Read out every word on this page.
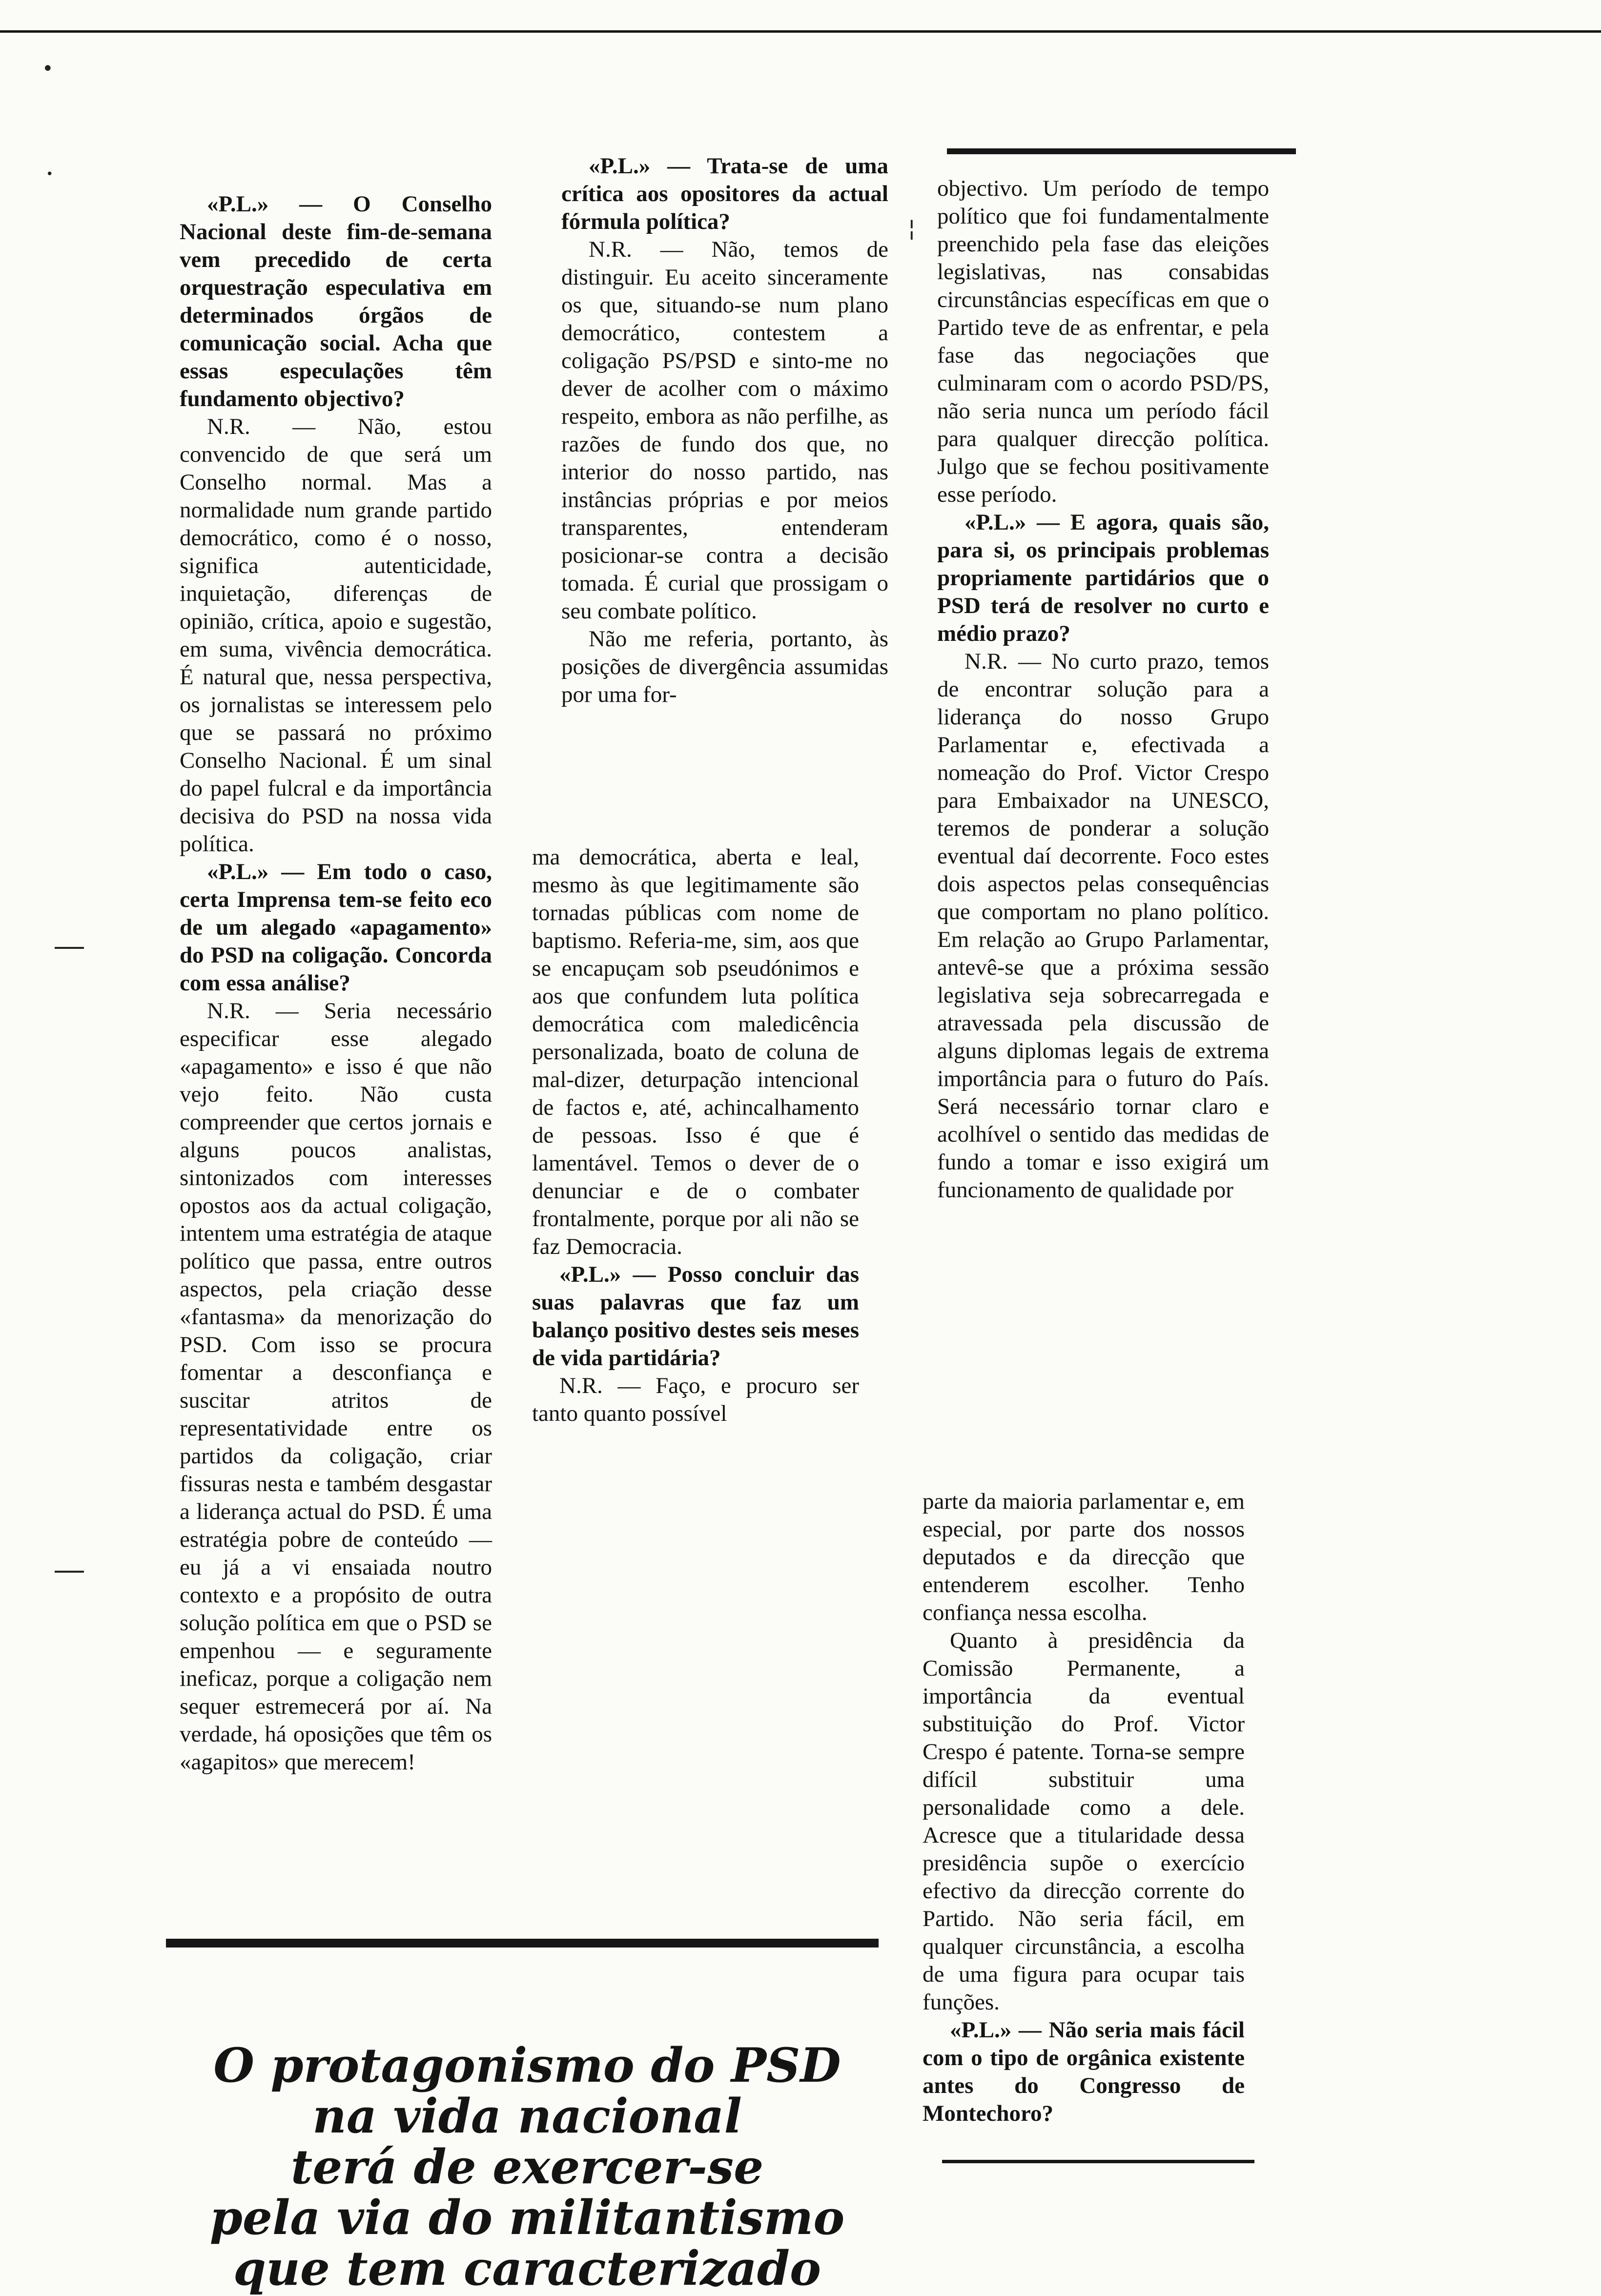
•
•
¦

«P.L.» — O Conselho Nacional deste fim-de-semana vem precedido de certa orquestração especulativa em determinados órgãos de comunicação social. Acha que essas especulações têm fundamento objectivo?

N.R. — Não, estou convencido de que será um Conselho normal. Mas a normalidade num grande partido democrático, como é o nosso, significa autenticidade, inquietação, diferenças de opinião, crítica, apoio e sugestão, em suma, vivência democrática. É natural que, nessa perspectiva, os jornalistas se interessem pelo que se passará no próximo Conselho Nacional. É um sinal do papel fulcral e da importância decisiva do PSD na nossa vida política.

«P.L.» — Em todo o caso, certa Imprensa tem-se feito eco de um alegado «apagamento» do PSD na coligação. Concorda com essa análise?

N.R. — Seria necessário especificar esse alegado «apagamento» e isso é que não vejo feito. Não custa compreender que certos jornais e alguns poucos analistas, sintonizados com interesses opostos aos da actual coligação, intentem uma estratégia de ataque político que passa, entre outros aspectos, pela criação desse «fantasma» da menorização do PSD. Com isso se procura fomentar a desconfiança e suscitar atritos de representatividade entre os partidos da coligação, criar fissuras nesta e também desgastar a liderança actual do PSD. É uma estratégia pobre de conteúdo — eu já a vi ensaiada noutro contexto e a propósito de outra solução política em que o PSD se empenhou — e seguramente ineficaz, porque a coligação nem sequer estremecerá por aí. Na verdade, há oposições que têm os «agapitos» que merecem!

«P.L.» — Trata-se de uma crítica aos opositores da actual fórmula política?

N.R. — Não, temos de distinguir. Eu aceito sinceramente os que, situando-se num plano democrático, contestem a coligação PS/PSD e sinto-me no dever de acolher com o máximo respeito, embora as não perfilhe, as razões de fundo dos que, no interior do nosso partido, nas instâncias próprias e por meios transparentes, entenderam posicionar-se contra a decisão tomada. É curial que prossigam o seu combate político.

Não me referia, portanto, às posições de divergência assumidas por uma for-

ma democrática, aberta e leal, mesmo às que legitimamente são tornadas públicas com nome de baptismo. Referia-me, sim, aos que se encapuçam sob pseudónimos e aos que confundem luta política democrática com maledicência personalizada, boato de coluna de mal-dizer, deturpação intencional de factos e, até, achincalhamento de pessoas. Isso é que é lamentável. Temos o dever de o denunciar e de o combater frontalmente, porque por ali não se faz Democracia.

«P.L.» — Posso concluir das suas palavras que faz um balanço positivo destes seis meses de vida partidária?

N.R. — Faço, e procuro ser tanto quanto possível

objectivo. Um período de tempo político que foi fundamentalmente preenchido pela fase das eleições legislativas, nas consabidas circunstâncias específicas em que o Partido teve de as enfrentar, e pela fase das negociações que culminaram com o acordo PSD/PS, não seria nunca um período fácil para qualquer direcção política. Julgo que se fechou positivamente esse período.

«P.L.» — E agora, quais são, para si, os principais problemas propriamente partidários que o PSD terá de resolver no curto e médio prazo?

N.R. — No curto prazo, temos de encontrar solução para a liderança do nosso Grupo Parlamentar e, efectivada a nomeação do Prof. Victor Crespo para Embaixador na UNESCO, teremos de ponderar a solução eventual daí decorrente. Foco estes dois aspectos pelas consequências que comportam no plano político. Em relação ao Grupo Parlamentar, antevê-se que a próxima sessão legislativa seja sobrecarregada e atravessada pela discussão de alguns diplomas legais de extrema importância para o futuro do País. Será necessário tornar claro e acolhível o sentido das medidas de fundo a tomar e isso exigirá um funcionamento de qualidade por

parte da maioria parlamentar e, em especial, por parte dos nossos deputados e da direcção que entenderem escolher. Tenho confiança nessa escolha.

Quanto à presidência da Comissão Permanente, a importância da eventual substituição do Prof. Victor Crespo é patente. Torna-se sempre difícil substituir uma personalidade como a dele. Acresce que a titularidade dessa presidência supõe o exercício efectivo da direcção corrente do Partido. Não seria fácil, em qualquer circunstância, a escolha de uma figura para ocupar tais funções.

«P.L.» — Não seria mais fácil com o tipo de orgânica existente antes do Congresso de Montechoro?

O protagonismo do PSD
na vida nacional
terá de exercer-se
pela via do militantismo
que tem caracterizado
